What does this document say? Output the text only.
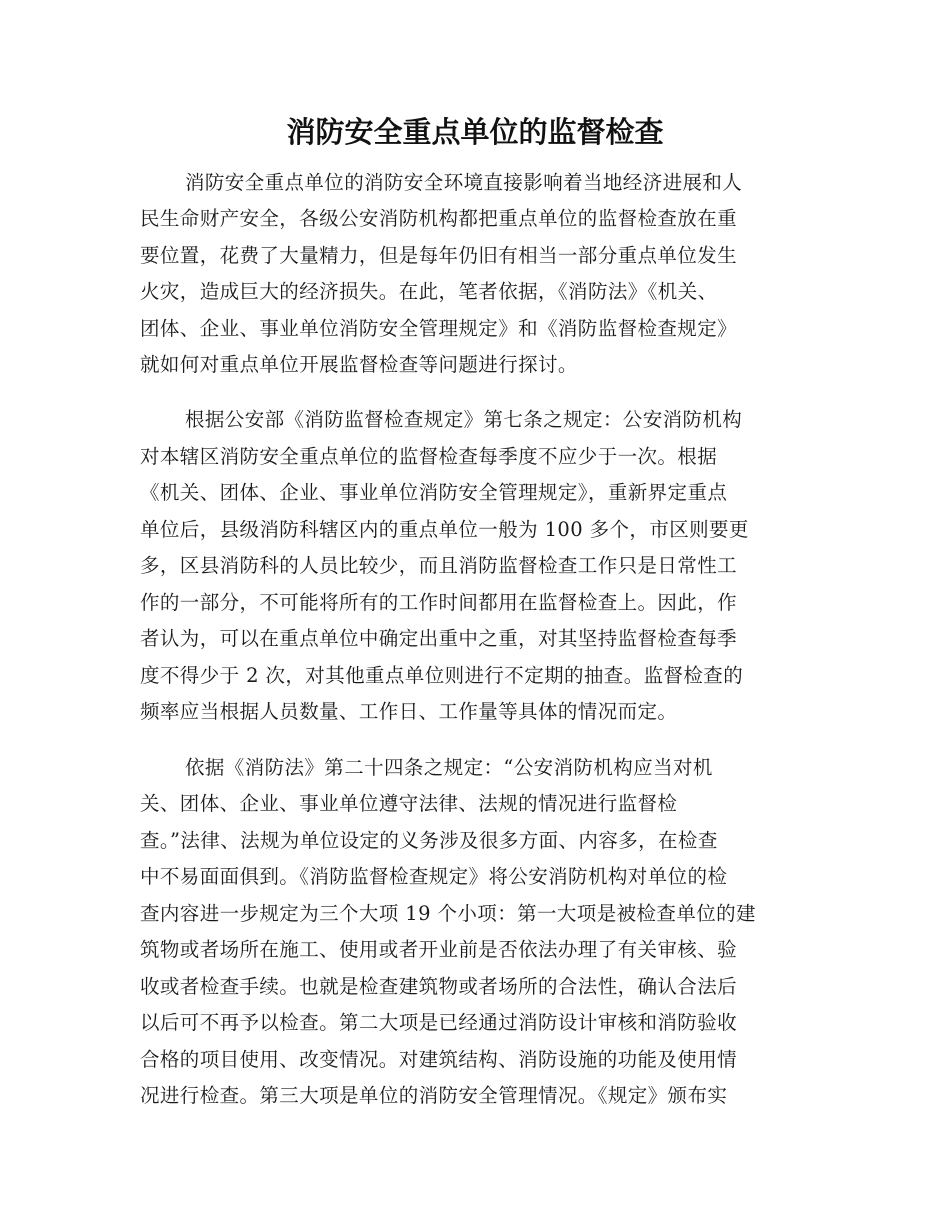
消防安全重点单位的监督检查
消防安全重点单位的消防安全环境直接影响着当地经济进展和人
民生命财产安全，各级公安消防机构都把重点单位的监督检查放在重
要位置，花费了大量精力，但是每年仍旧有相当一部分重点单位发生
火灾，造成巨大的经济损失。在此，笔者依据，《消防法》《机关、
团体、企业、事业单位消防安全管理规定》和《消防监督检查规定》
就如何对重点单位开展监督检查等问题进行探讨。
根据公安部《消防监督检查规定》第七条之规定：公安消防机构
对本辖区消防安全重点单位的监督检查每季度不应少于一次。根据
《机关、团体、企业、事业单位消防安全管理规定》，重新界定重点
单位后，县级消防科辖区内的重点单位一般为 100 多个，市区则要更
多，区县消防科的人员比较少，而且消防监督检查工作只是日常性工
作的一部分，不可能将所有的工作时间都用在监督检查上。因此，作
者认为，可以在重点单位中确定出重中之重，对其坚持监督检查每季
度不得少于 2 次，对其他重点单位则进行不定期的抽查。监督检查的
频率应当根据人员数量、工作日、工作量等具体的情况而定。
依据《消防法》第二十四条之规定：“公安消防机构应当对机
关、团体、企业、事业单位遵守法律、法规的情况进行监督检
查。”法律、法规为单位设定的义务涉及很多方面、内容多，在检查
中不易面面俱到。《消防监督检查规定》将公安消防机构对单位的检
查内容进一步规定为三个大项 19 个小项：第一大项是被检查单位的建
筑物或者场所在施工、使用或者开业前是否依法办理了有关审核、验
收或者检查手续。也就是检查建筑物或者场所的合法性，确认合法后
以后可不再予以检查。第二大项是已经通过消防设计审核和消防验收
合格的项目使用、改变情况。对建筑结构、消防设施的功能及使用情
况进行检查。第三大项是单位的消防安全管理情况。《规定》颁布实
